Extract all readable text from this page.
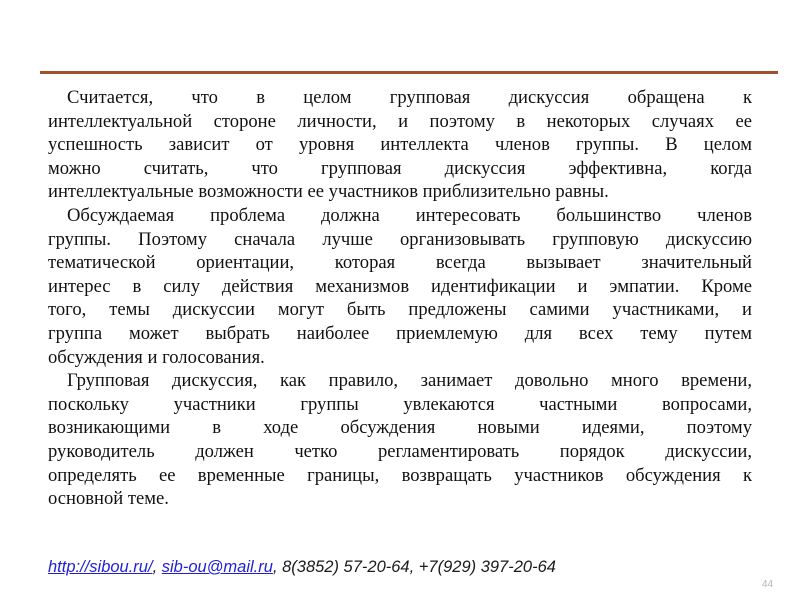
Считается, что в целом групповая дискуссия обращена к
интеллектуальной стороне личности, и поэтому в некоторых случаях ее
успешность зависит от уровня интеллекта членов группы. В целом
можно считать, что групповая дискуссия эффективна, когда
интеллектуальные возможности ее участников приблизительно равны.
Обсуждаемая проблема должна интересовать большинство членов
группы. Поэтому сначала лучше организовывать групповую дискуссию
тематической ориентации, которая всегда вызывает значительный
интерес в силу действия механизмов идентификации и эмпатии. Кроме
того, темы дискуссии могут быть предложены самими участниками, и
группа может выбрать наиболее приемлемую для всех тему путем
обсуждения и голосования.
Групповая дискуссия, как правило, занимает довольно много времени,
поскольку участники группы увлекаются частными вопросами,
возникающими в ходе обсуждения новыми идеями, поэтому
руководитель должен четко регламентировать порядок дискуссии,
определять ее временные границы, возвращать участников обсуждения к
основной теме.
http://sibou.ru/, sib-ou@mail.ru, 8(3852) 57-20-64, +7(929) 397-20-64
44
